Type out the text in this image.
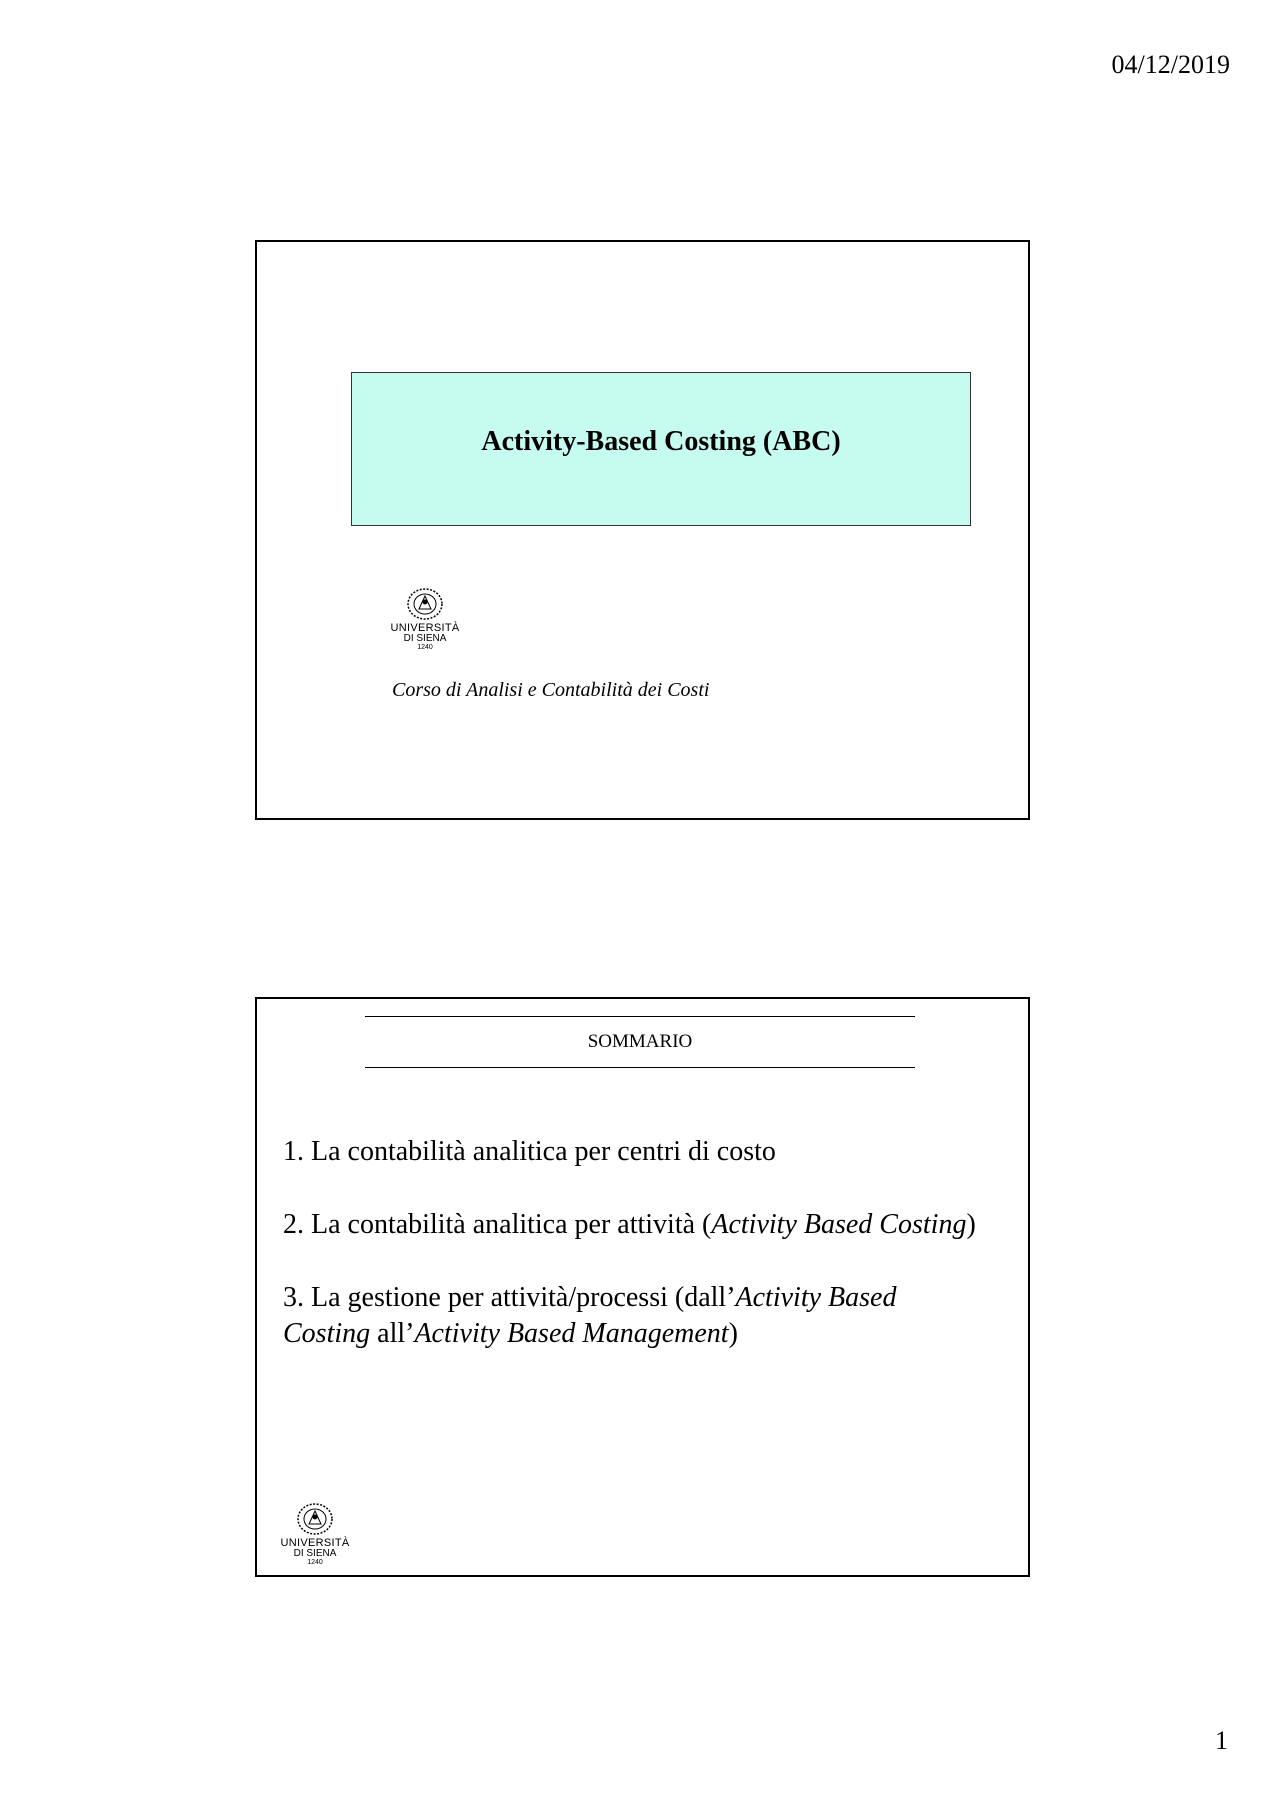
04/12/2019
Activity-Based Costing (ABC)
UNIVERSITÀ
DI SIENA
1240
Corso di Analisi e Contabilità dei Costi
SOMMARIO
1. La contabilità analitica per centri di costo
2. La contabilità analitica per attività (Activity Based Costing)
3. La gestione per attività/processi (dall’Activity Based Costing all’Activity Based Management)
UNIVERSITÀ
DI SIENA
1240
1
